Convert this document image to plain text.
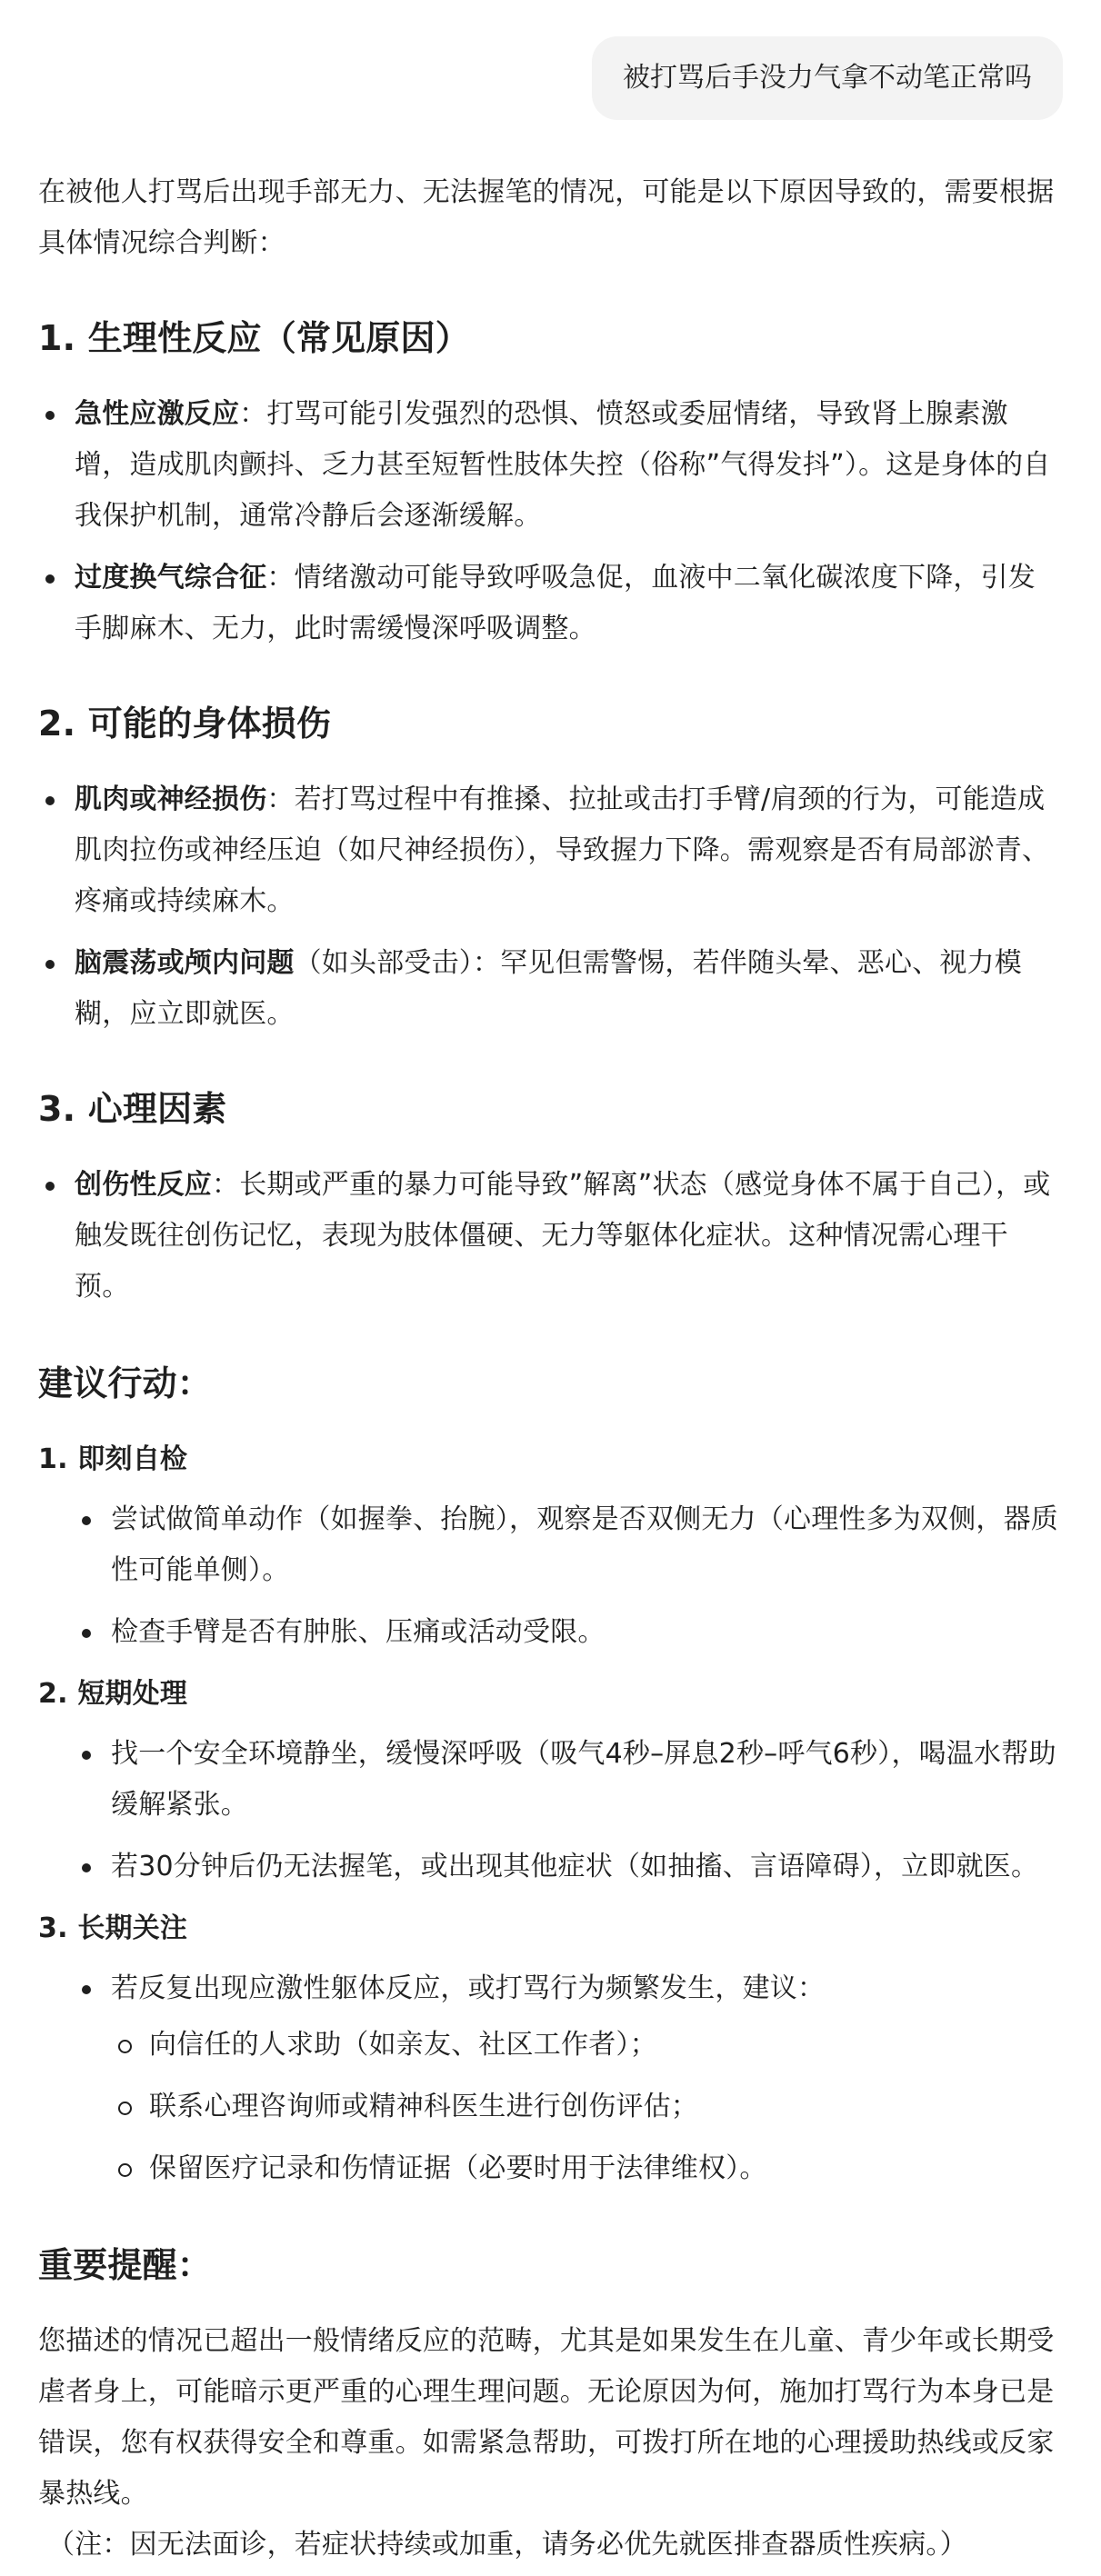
被打骂后手没力气拿不动笔正常吗

在被他人打骂后出现手部无力、无法握笔的情况，可能是以下原因导致的，需要根据具体情况综合判断：

1. 生理性反应（常见原因）
急性应激反应：打骂可能引发强烈的恐惧、愤怒或委屈情绪，导致肾上腺素激增，造成肌肉颤抖、乏力甚至短暂性肢体失控（俗称”气得发抖”）。这是身体的自我保护机制，通常冷静后会逐渐缓解。
过度换气综合征：情绪激动可能导致呼吸急促，血液中二氧化碳浓度下降，引发手脚麻木、无力，此时需缓慢深呼吸调整。
2. 可能的身体损伤
肌肉或神经损伤：若打骂过程中有推搡、拉扯或击打手臂/肩颈的行为，可能造成肌肉拉伤或神经压迫（如尺神经损伤），导致握力下降。需观察是否有局部淤青、疼痛或持续麻木。
脑震荡或颅内问题（如头部受击）：罕见但需警惕，若伴随头晕、恶心、视力模糊，应立即就医。
3. 心理因素
创伤性反应：长期或严重的暴力可能导致”解离”状态（感觉身体不属于自己），或触发既往创伤记忆，表现为肢体僵硬、无力等躯体化症状。这种情况需心理干预。
建议行动：
1. 即刻自检
尝试做简单动作（如握拳、抬腕），观察是否双侧无力（心理性多为双侧，器质性可能单侧）。
检查手臂是否有肿胀、压痛或活动受限。
2. 短期处理
找一个安全环境静坐，缓慢深呼吸（吸气4秒–屏息2秒–呼气6秒），喝温水帮助缓解紧张。
若30分钟后仍无法握笔，或出现其他症状（如抽搐、言语障碍），立即就医。
3. 长期关注
若反复出现应激性躯体反应，或打骂行为频繁发生，建议：
向信任的人求助（如亲友、社区工作者）；
联系心理咨询师或精神科医生进行创伤评估；
保留医疗记录和伤情证据（必要时用于法律维权）。
重要提醒：

您描述的情况已超出一般情绪反应的范畴，尤其是如果发生在儿童、青少年或长期受虐者身上，可能暗示更严重的心理生理问题。无论原因为何，施加打骂行为本身已是错误，您有权获得安全和尊重。如需紧急帮助，可拨打所在地的心理援助热线或反家暴热线。

（注：因无法面诊，若症状持续或加重，请务必优先就医排查器质性疾病。）
